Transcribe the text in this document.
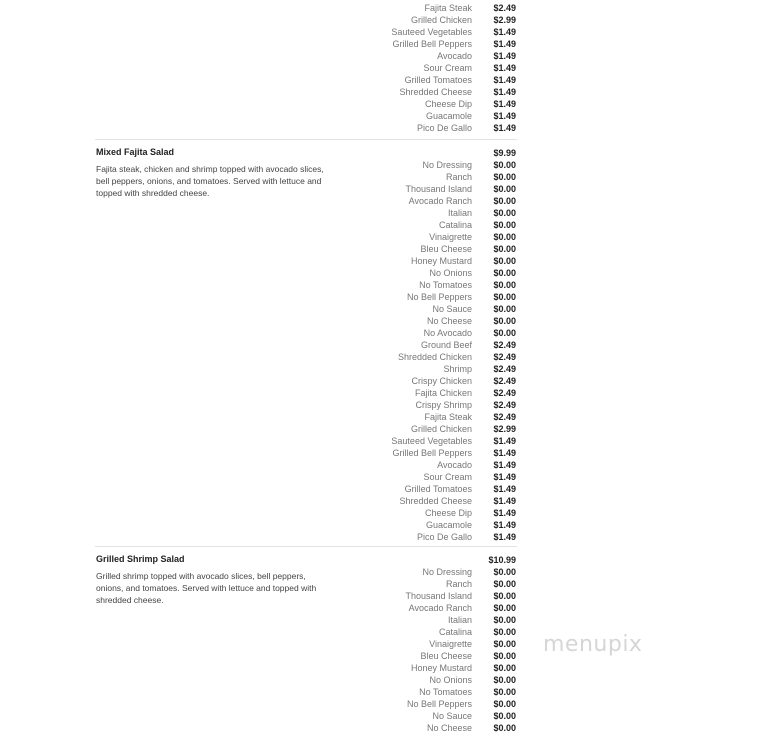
Fajita Steak $2.49
Grilled Chicken $2.99
Sauteed Vegetables $1.49
Grilled Bell Peppers $1.49
Avocado $1.49
Sour Cream $1.49
Grilled Tomatoes $1.49
Shredded Cheese $1.49
Cheese Dip $1.49
Guacamole $1.49
Pico De Gallo $1.49
Mixed Fajita Salad
Fajita steak, chicken and shrimp topped with avocado slices, bell peppers, onions, and tomatoes. Served with lettuce and topped with shredded cheese.
$9.99
No Dressing $0.00
Ranch $0.00
Thousand Island $0.00
Avocado Ranch $0.00
Italian $0.00
Catalina $0.00
Vinaigrette $0.00
Bleu Cheese $0.00
Honey Mustard $0.00
No Onions $0.00
No Tomatoes $0.00
No Bell Peppers $0.00
No Sauce $0.00
No Cheese $0.00
No Avocado $0.00
Ground Beef $2.49
Shredded Chicken $2.49
Shrimp $2.49
Crispy Chicken $2.49
Fajita Chicken $2.49
Crispy Shrimp $2.49
Fajita Steak $2.49
Grilled Chicken $2.99
Sauteed Vegetables $1.49
Grilled Bell Peppers $1.49
Avocado $1.49
Sour Cream $1.49
Grilled Tomatoes $1.49
Shredded Cheese $1.49
Cheese Dip $1.49
Guacamole $1.49
Pico De Gallo $1.49
Grilled Shrimp Salad
Grilled shrimp topped with avocado slices, bell peppers, onions, and tomatoes. Served with lettuce and topped with shredded cheese.
$10.99
No Dressing $0.00
Ranch $0.00
Thousand Island $0.00
Avocado Ranch $0.00
Italian $0.00
Catalina $0.00
Vinaigrette $0.00
Bleu Cheese $0.00
Honey Mustard $0.00
No Onions $0.00
No Tomatoes $0.00
No Bell Peppers $0.00
No Sauce $0.00
No Cheese $0.00
menupix
